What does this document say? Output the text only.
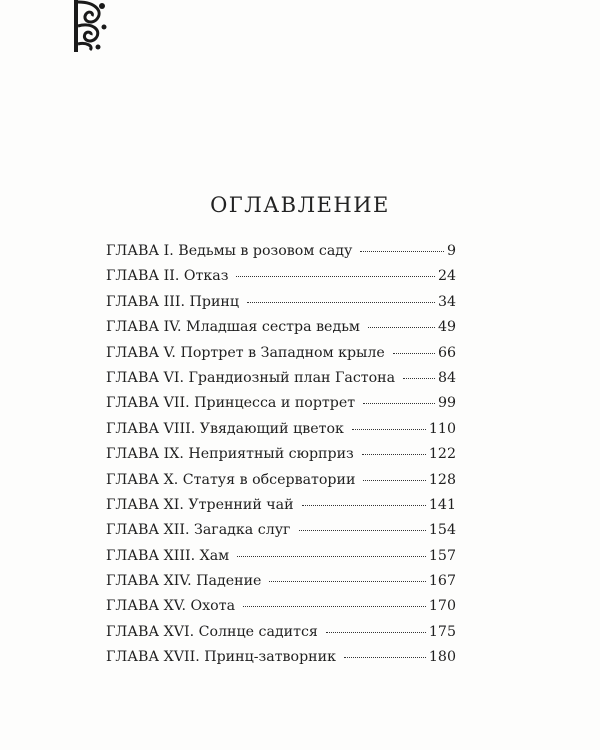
ОГЛАВЛЕНИЕ
ГЛАВА I. Ведьмы в розовом саду	9
ГЛАВА II. Отказ	24
ГЛАВА III. Принц	34
ГЛАВА IV. Младшая сестра ведьм	49
ГЛАВА V. Портрет в Западном крыле	66
ГЛАВА VI. Грандиозный план Гастона	84
ГЛАВА VII. Принцесса и портрет	99
ГЛАВА VIII. Увядающий цветок	110
ГЛАВА IX. Неприятный сюрприз	122
ГЛАВА X. Статуя в обсерватории	128
ГЛАВА XI. Утренний чай	141
ГЛАВА XII. Загадка слуг	154
ГЛАВА XIII. Хам	157
ГЛАВА XIV. Падение	167
ГЛАВА XV. Охота	170
ГЛАВА XVI. Солнце садится	175
ГЛАВА XVII. Принц-затворник	180
